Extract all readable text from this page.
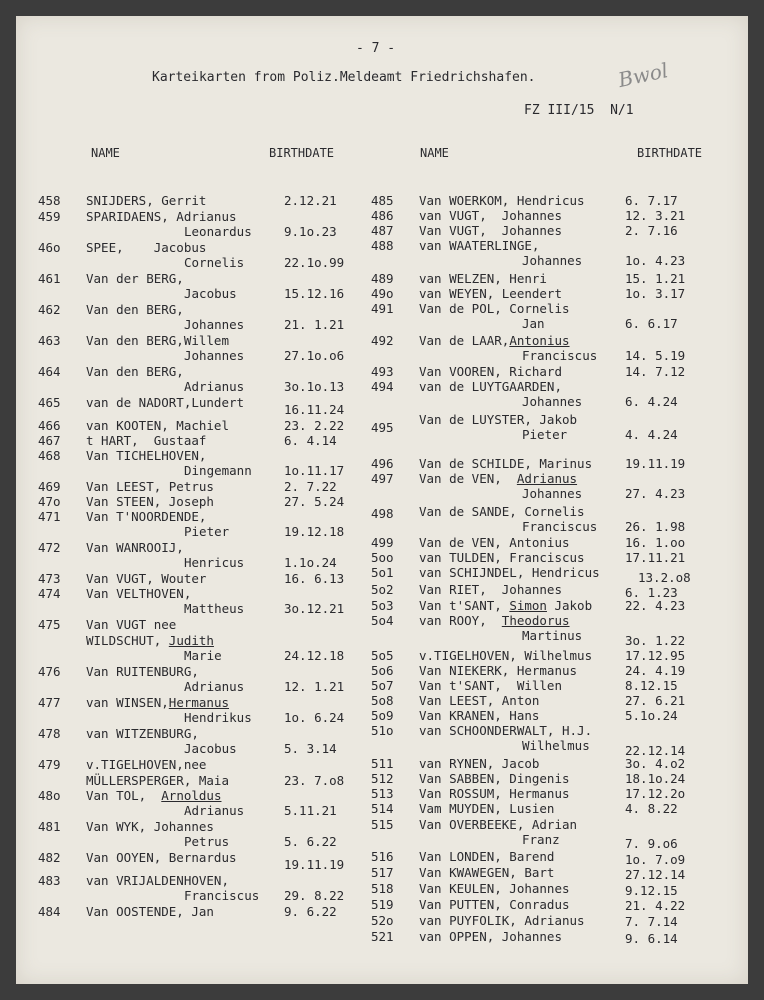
- 7 -
Karteikarten from Poliz.Meldeamt Friedrichshafen.	Bwol
FZ III/15  N/1
NAME	BIRTHDATE	NAME	BIRTHDATE
458 SNIJDERS, Gerrit	2.12.21
459 SPARIDAENS, Adrianus
Leonardus	9.1o.23
46o SPEE,    Jacobus
Cornelis	22.1o.99
461 Van der BERG,
Jacobus	15.12.16
462 Van den BERG,
Johannes	21. 1.21
463 Van den BERG,Willem
Johannes	27.1o.o6
464 Van den BERG,
Adrianus	3o.1o.13
465 van de NADORT,Lundert	16.11.24
466 van KOOTEN, Machiel	23. 2.22
467 t HART,  Gustaaf	6. 4.14
468 Van TICHELHOVEN,
Dingemann	1o.11.17
469 Van LEEST, Petrus	2. 7.22
47o Van STEEN, Joseph	27. 5.24
471 Van T'NOORDENDE,
Pieter	19.12.18
472 Van WANROOIJ,
Henricus	1.1o.24
473 Van VUGT, Wouter	16. 6.13
474 Van VELTHOVEN,
Mattheus	3o.12.21
475 Van VUGT nee
WILDSCHUT, Judith
Marie	24.12.18
476 Van RUITENBURG,
Adrianus	12. 1.21
477 van WINSEN,Hermanus
Hendrikus	1o. 6.24
478 van WITZENBURG,
Jacobus	5. 3.14
479 v.TIGELHOVEN,nee
MÜLLERSPERGER, Maia	23. 7.o8
48o Van TOL,  Arnoldus
Adrianus	5.11.21
481 Van WYK, Johannes
Petrus	5. 6.22
482 Van OOYEN, Bernardus	19.11.19
483 van VRIJALDENHOVEN,
Franciscus 29. 8.22
484 Van OOSTENDE, Jan	9. 6.22
485 Van WOERKOM, Hendricus	6. 7.17
486 van VUGT,  Johannes	12. 3.21
487 Van VUGT,  Johannes	2. 7.16
488 van WAATERLINGE,
Johannes	1o. 4.23
489 van WELZEN, Henri	15. 1.21
49o van WEYEN, Leendert	1o. 3.17
491 Van de POL, Cornelis
Jan	6. 6.17
492 Van de LAAR,Antonius
Franciscus 14. 5.19
493 Van VOOREN, Richard	14. 7.12
494 van de LUYTGAARDEN,
Johannes	6. 4.24
495
Van de LUYSTER, Jakob
Pieter	4. 4.24
496 Van de SCHILDE, Marinus	19.11.19
497 Van de VEN,  Adrianus
Johannes	27. 4.23
498 Van de SANDE, Cornelis
Franciscus 26. 1.98
499 Van de VEN, Antonius	16. 1.oo
5oo van TULDEN, Franciscus	17.11.21
5o1 van SCHIJNDEL, Hendricus	13.2.o8
5o2 Van RIET,  Johannes	6. 1.23
5o3 Van t'SANT, Simon Jakob	22. 4.23
5o4 van ROOY,  Theodorus
Martinus	3o. 1.22
5o5 v.TIGELHOVEN, Wilhelmus	17.12.95
5o6 Van NIEKERK, Hermanus	24. 4.19
5o7 Van t'SANT,  Willen	8.12.15
5o8 Van LEEST, Anton	27. 6.21
5o9 Van KRANEN, Hans	5.1o.24
51o van SCHOONDERWALT, H.J.
Wilhelmus	22.12.14
511 van RYNEN, Jacob	3o. 4.o2
512 Van SABBEN, Dingenis	18.1o.24
513 Van ROSSUM, Hermanus	17.12.2o
514 Vam MUYDEN, Lusien	4. 8.22
515 Van OVERBEEKE, Adrian
Franz	7. 9.o6
516 Van LONDEN, Barend	1o. 7.o9
517 Van KWAWEGEN, Bart	27.12.14
518 Van KEULEN, Johannes	9.12.15
519 Van PUTTEN, Conradus	21. 4.22
52o van PUYFOLIK, Adrianus	7. 7.14
521 van OPPEN, Johannes	9. 6.14
